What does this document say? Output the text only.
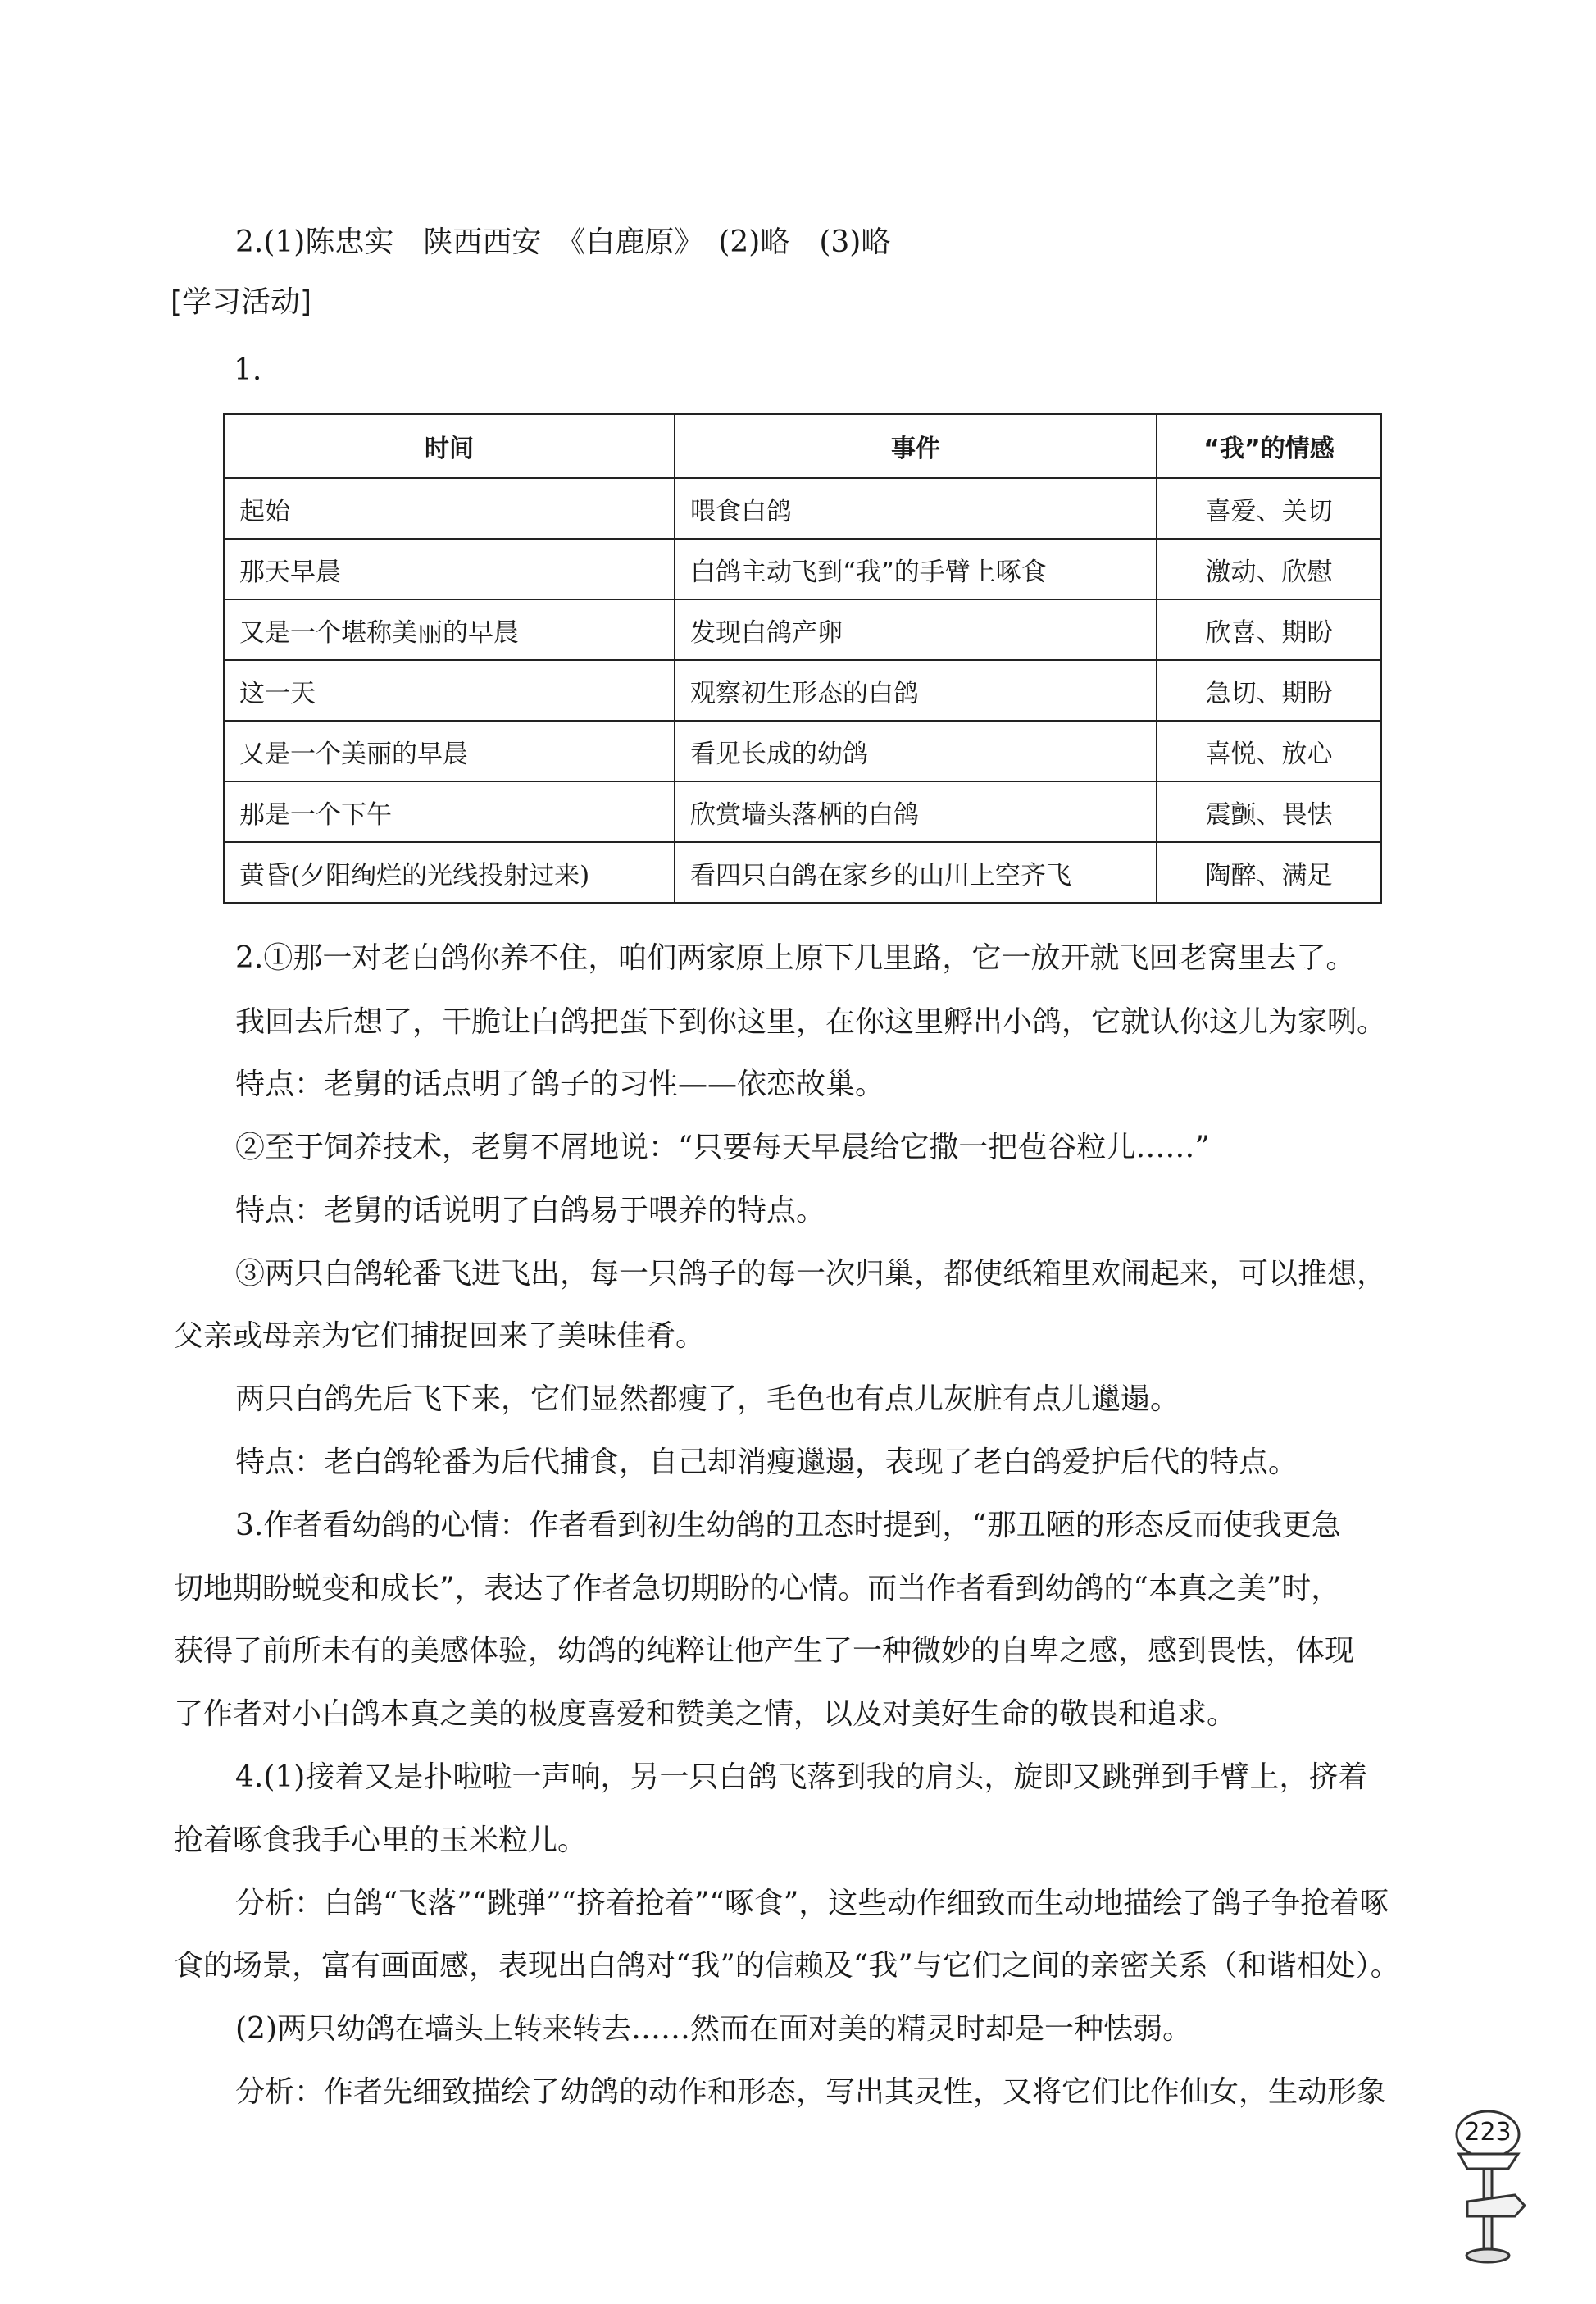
2.(1)陈忠实　陕西西安　《白鹿原》　(2)略　(3)略
[学习活动]
1.
时间	事件	“我”的情感
起始	喂食白鸽	喜爱、关切
那天早晨	白鸽主动飞到“我”的手臂上啄食	激动、欣慰
又是一个堪称美丽的早晨	发现白鸽产卵	欣喜、期盼
这一天	观察初生形态的白鸽	急切、期盼
又是一个美丽的早晨	看见长成的幼鸽	喜悦、放心
那是一个下午	欣赏墙头落栖的白鸽	震颤、畏怯
黄昏(夕阳绚烂的光线投射过来)	看四只白鸽在家乡的山川上空齐飞	陶醉、满足
2.①那一对老白鸽你养不住，咱们两家原上原下几里路，它一放开就飞回老窝里去了。
我回去后想了，干脆让白鸽把蛋下到你这里，在你这里孵出小鸽，它就认你这儿为家咧。
特点：老舅的话点明了鸽子的习性——依恋故巢。
②至于饲养技术，老舅不屑地说：“只要每天早晨给它撒一把苞谷粒儿……”
特点：老舅的话说明了白鸽易于喂养的特点。
③两只白鸽轮番飞进飞出，每一只鸽子的每一次归巢，都使纸箱里欢闹起来，可以推想，
父亲或母亲为它们捕捉回来了美味佳肴。
两只白鸽先后飞下来，它们显然都瘦了，毛色也有点儿灰脏有点儿邋遢。
特点：老白鸽轮番为后代捕食，自己却消瘦邋遢，表现了老白鸽爱护后代的特点。
3.作者看幼鸽的心情：作者看到初生幼鸽的丑态时提到，“那丑陋的形态反而使我更急
切地期盼蜕变和成长”，表达了作者急切期盼的心情。而当作者看到幼鸽的“本真之美”时，
获得了前所未有的美感体验，幼鸽的纯粹让他产生了一种微妙的自卑之感，感到畏怯，体现
了作者对小白鸽本真之美的极度喜爱和赞美之情，以及对美好生命的敬畏和追求。
4.(1)接着又是扑啦啦一声响，另一只白鸽飞落到我的肩头，旋即又跳弹到手臂上，挤着
抢着啄食我手心里的玉米粒儿。
分析：白鸽“飞落”“跳弹”“挤着抢着”“啄食”，这些动作细致而生动地描绘了鸽子争抢着啄
食的场景，富有画面感，表现出白鸽对“我”的信赖及“我”与它们之间的亲密关系（和谐相处）。
(2)两只幼鸽在墙头上转来转去……然而在面对美的精灵时却是一种怯弱。
分析：作者先细致描绘了幼鸽的动作和形态，写出其灵性，又将它们比作仙女，生动形象
223
